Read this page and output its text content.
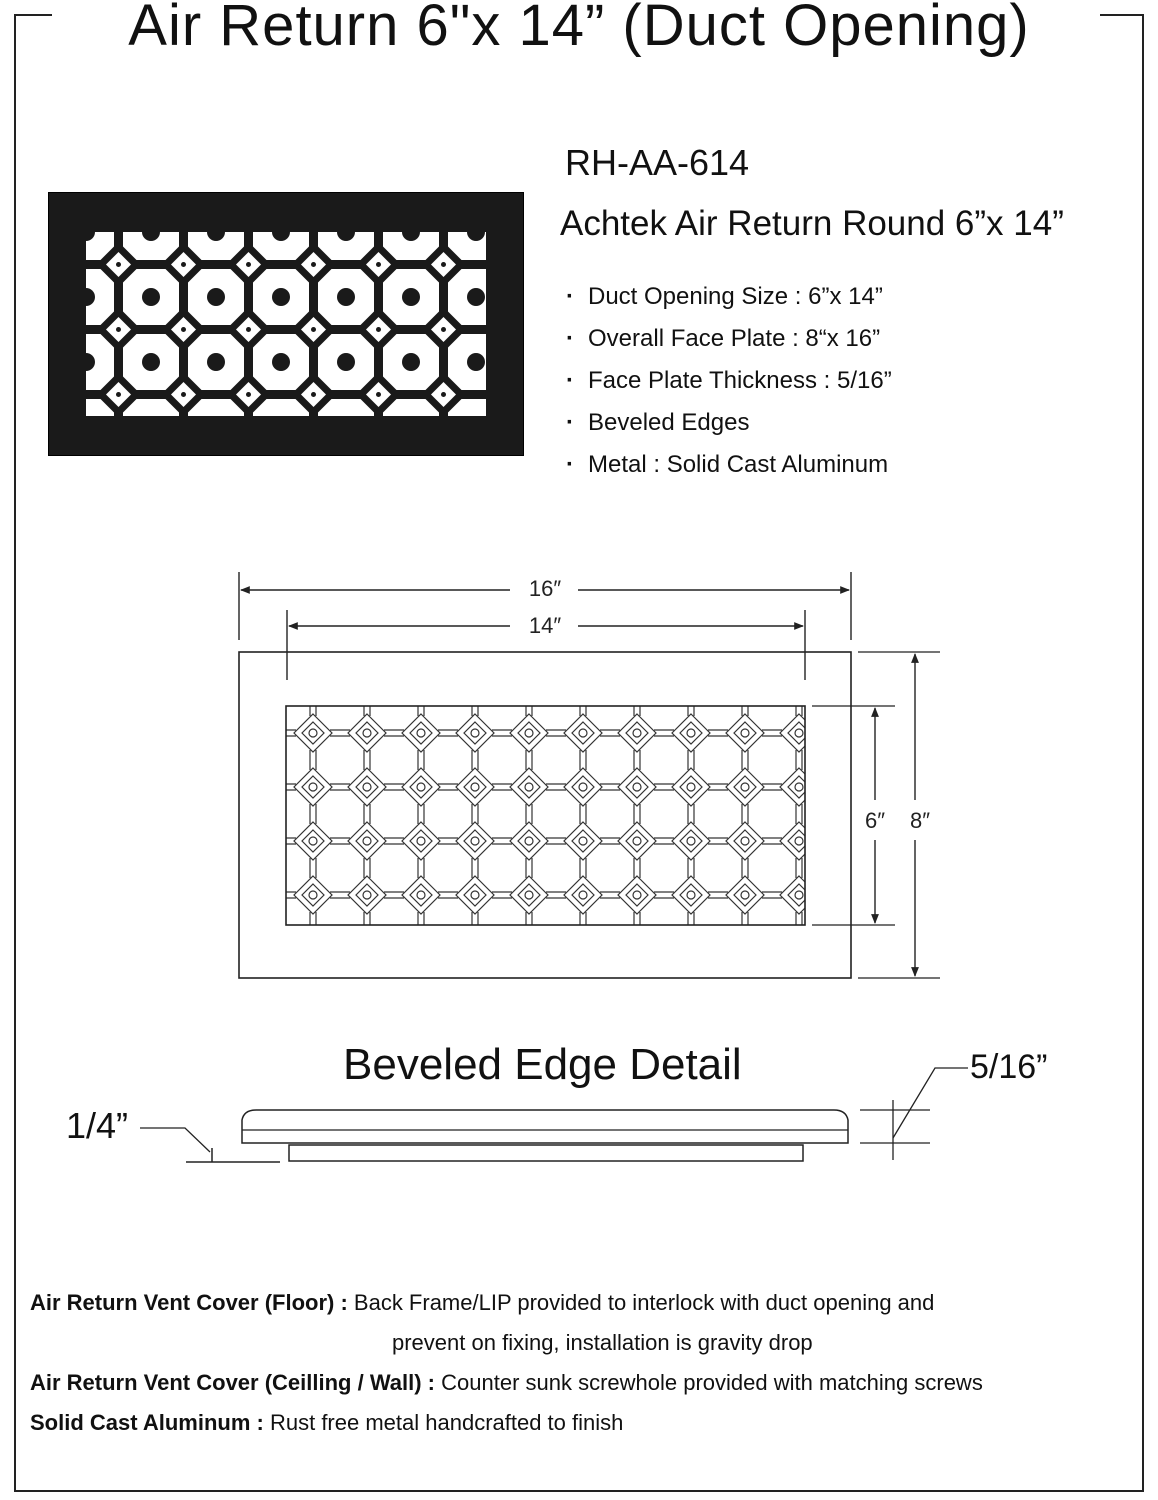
Air Return 6"x 14” (Duct Opening)
RH-AA-614
Achtek Air Return Round 6”x 14”
· Duct Opening Size : 6”x 14”
· Overall Face Plate : 8“x 16”
· Face Plate Thickness : 5/16”
· Beveled Edges
· Metal : Solid Cast Aluminum
16″
14″
6″ 8″
Beveled Edge Detail	5/16”
1/4”
Air Return Vent Cover (Floor) : Back Frame/LIP provided to interlock with duct opening and
prevent on fixing, installation is gravity drop
Air Return Vent Cover (Ceilling / Wall) : Counter sunk screwhole provided with matching screws
Solid Cast Aluminum : Rust free metal handcrafted to finish
